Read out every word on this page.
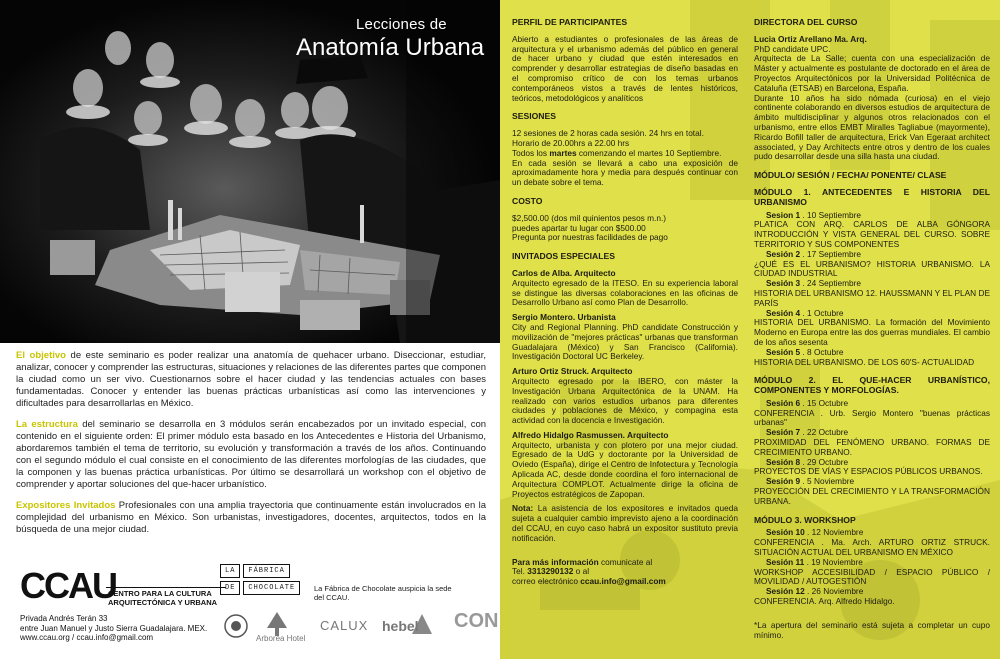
Lecciones de
Anatomía Urbana

El objetivo de este seminario es poder realizar una anatomía de quehacer urbano. Diseccionar, estudiar, analizar, conocer y comprender las estructuras, situaciones y relaciones de las diferentes partes que componen la ciudad como un ser vivo. Cuestionarnos sobre el hacer ciudad y las tendencias actuales con bases fundamentadas. Conocer y entender las buenas prácticas urbanísticas así como las intervenciones y dificultades para desarrollarlas en México.

La estructura del seminario se desarrolla en 3 módulos serán encabezados por un invitado especial, con contenido en el siguiente orden: El primer módulo esta basado en los Antecedentes e Historia del Urbanismo, abordaremos también el tema de territorio, su evolución y transformación a través de los años. Continuando con el segundo módulo el cual consiste en el conocimiento de las diferentes morfologías de las ciudades, que la componen y las buenas práctica urbanísticas. Por último se desarrollará un workshop con el objetivo de comprender y aportar soluciones del que-hacer urbanístico.

Expositores Invitados Profesionales con una amplia trayectoria que continuamente están involucrados en la complejidad del urbanismo en México. Son urbanistas, investigadores, docentes, arquitectos, todos en la búsqueda de una mejor ciudad.

CCAU
CENTRO PARA LA CULTURA
ARQUITECTÓNICA Y URBANA
Privada Andrés Terán 33
entre Juan Manuel y Justo Sierra Guadalajara. MEX.
www.ccau.org / ccau.info@gmail.com
LA	FÁBRICA
DE	CHOCOLATE	La Fábrica de Chocolate auspicia la sede del CCAU.
Arborea Hotel
CALUX hebel CON
PERFIL DE PARTICIPANTES

Abierto a estudiantes o profesionales de las áreas de arquitectura y el urbanismo además del público en general de hacer urbano y ciudad que estén interesados en comprender y desarrollar estrategias de diseño basadas en el compromiso crítico de con los temas urbanos contemporáneos vistos a través de lentes históricos, teóricos, metodológicos y analíticos

SESIONES

12 sesiones de 2 horas cada sesión. 24 hrs en total.

Horario de 20.00hrs a 22.00 hrs

Todos los martes comenzando el martes 10 Septiembre.

En cada sesión se llevará a cabo una exposición de aproximadamente hora y media para después continuar con un debate sobre el tema.

COSTO

$2,500.00 (dos mil quinientos pesos m.n.)

puedes apartar tu lugar con $500.00

Pregunta por nuestras facilidades de pago

INVITADOS ESPECIALES

Carlos de Alba. Arquitecto

Arquitecto egresado de la ITESO. En su experiencia laboral se distingue las diversas colaboraciones en las oficinas de Desarrollo Urbano así como Plan de Desarrollo.

Sergio Montero. Urbanista

City and Regional Planning. PhD candidate Construcción y movilización de "mejores prácticas" urbanas que transforman Guadalajara (México) y San Francisco (California). Investigación Doctoral UC Berkeley.

Arturo Ortiz Struck. Arquitecto

Arquitecto egresado por la IBERO, con máster la Investigación Urbana Arquitectónica de la UNAM. Ha realizado con varios estudios urbanos para diferentes ciudades y poblaciones de México, y compagina esta actividad con la docencia e Investigación.

Alfredo Hidalgo Rasmussen. Arquitecto

Arquitecto, urbanista y con plotero por una mejor ciudad. Egresado de la UdG y doctorante por la Universidad de Oviedo (España), dirige el Centro de Infotectura y Tecnología Aplicada AC, desde donde coordina el foro internacional de Arquitectura COMPLOT. Actualmente dirige la oficina de Proyectos estratégicos de Zapopan.

Nota: La asistencia de los expositores e invitados queda sujeta a cualquier cambio imprevisto ajeno a la coordinación del CCAU, en cuyo caso habrá un expositor sustituto previa notificación.

Para más información comunicate al

Tel. 3313290132 o al

correo electrónico ccau.info@gmail.com

DIRECTORA DEL CURSO

Lucia Ortiz Arellano Ma. Arq.

PhD candidate UPC.

Arquitecta de La Salle; cuenta con una especialización de Máster y actualmente es postulante de doctorado en el área de Proyectos Arquitectónicos por la Universidad Politécnica de Cataluña (ETSAB) en Barcelona, España.

Durante 10 años ha sido nómada (curiosa) en el viejo continente colaborando en diversos estudios de arquitectura de ámbito multidisciplinar y algunos otros relacionados con el urbanismo, entre ellos EMBT Miralles Tagliabue (mayormente), Ricardo Bofill taller de arquitectura, Erick Van Egeraat architect associated, y Day Architects entre otros y dentro de los cuales pudo desarrollar desde una silla hasta una ciudad.

MÓDULO/ SESIÓN / FECHA/ PONENTE/ CLASE
MÓDULO 1. ANTECEDENTES E HISTORIA DEL URBANISMO

Sesion 1 . 10 Septiembre

PLATICA CON ARQ. CARLOS DE ALBA GÓNGORA INTRODUCCIÓN Y VISTA GENERAL DEL CURSO. SOBRE TERRITORIO Y SUS COMPONENTES

Sesión 2 . 17 Septiembre

¿QUÉ ES EL URBANISMO? HISTORIA URBANISMO. LA CIUDAD INDUSTRIAL

Sesión 3 . 24 Septiembre

HISTORIA DEL URBANISMO 12. HAUSSMANN Y EL PLAN DE PARÍS

Sesión 4 . 1 Octubre

HISTORIA DEL URBANISMO. La formación del Movimiento Moderno en Europa entre las dos guerras mundiales. El cambio de los años sesenta

Sesión 5 . 8 Octubre

HISTORIA DEL URBANISMO. DE LOS 60'S- ACTUALIDAD

MÓDULO 2. EL QUE-HACER URBANÍSTICO, COMPONENTES Y MORFOLOGÍAS.

Sesión 6 . 15 Octubre

CONFERENCIA . Urb. Sergio Montero "buenas prácticas urbanas"

Sesión 7 . 22 Octubre

PROXIMIDAD DEL FENÓMENO URBANO. FORMAS DE CRECIMIENTO URBANO.

Sesión 8 . 29 Octubre

PROYECTOS DE VÍAS Y ESPACIOS PÚBLICOS URBANOS.

Sesión 9 . 5 Noviembre

PROYECCIÓN DEL CRECIMIENTO Y LA TRANSFORMACIÓN URBANA.

MÓDULO 3. WORKSHOP

Sesión 10 . 12 Noviembre

CONFERENCIA . Ma. Arch. ARTURO ORTIZ STRUCK. SITUACIÓN ACTUAL DEL URBANISMO EN MÉXICO

Sesión 11 . 19 Noviembre

WORKSHOP ACCESIBILIDAD / ESPACIO PÚBLICO / MOVILIDAD / AUTOGESTIÓN

Sesión 12 . 26 Noviembre

CONFERENCIA. Arq. Alfredo Hidalgo.

*La apertura del seminario está sujeta a completar un cupo mínimo.
